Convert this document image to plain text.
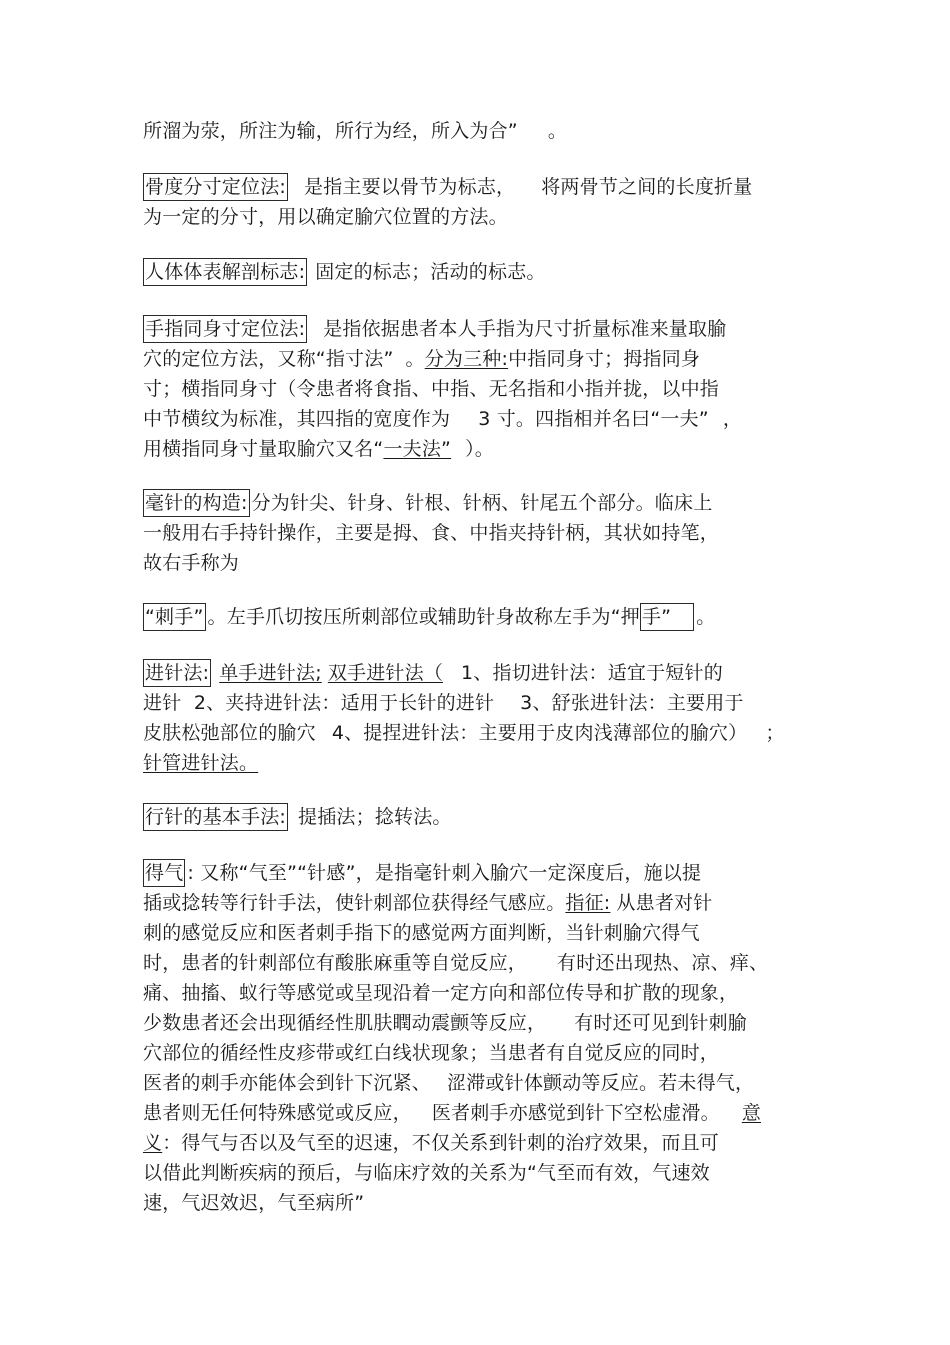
所溜为荥，所注为输，所行为经，所入为合” 。
骨度分寸定位法: 是指主要以骨节为标志， 将两骨节之间的长度折量
为一定的分寸，用以确定腧穴位置的方法。
人体体表解剖标志: 固定的标志；活动的标志。
手指同身寸定位法: 是指依据患者本人手指为尺寸折量标准来量取腧
穴的定位方法，又称“指寸法” 。分为三种:中指同身寸；拇指同身
寸；横指同身寸（令患者将食指、中指、无名指和小指并拢，以中指
中节横纹为标准，其四指的宽度作为 3 寸。四指相并名曰“一夫” ，
用横指同身寸量取腧穴又名“一夫法” ）。
毫针的构造: 分为针尖、针身、针根、针柄、针尾五个部分。临床上
一般用右手持针操作，主要是拇、食、中指夹持针柄，其状如持笔，
故右手称为
“刺手” 。左手爪切按压所刺部位或辅助针身故称左手为“押 手” 。
进针法: 单手进针法; 双手进针法（ 1、指切进针法：适宜于短针的
进针  2、夹持进针法：适用于长针的进针 3、舒张进针法：主要用于
皮肤松弛部位的腧穴 4、提捏进针法：主要用于皮肉浅薄部位的腧穴） ；
针管进针法。
行针的基本手法: 提插法；捻转法。
得气 : 又称“气至”“针感”，是指毫针刺入腧穴一定深度后，施以提
插或捻转等行针手法，使针刺部位获得经气感应。指征: 从患者对针
刺的感觉反应和医者刺手指下的感觉两方面判断，当针刺腧穴得气
时，患者的针刺部位有酸胀麻重等自觉反应， 有时还出现热、凉、痒、
痛、抽搐、蚁行等感觉或呈现沿着一定方向和部位传导和扩散的现象，
少数患者还会出现循经性肌肤瞤动震颤等反应， 有时还可见到针刺腧
穴部位的循经性皮疹带或红白线状现象；当患者有自觉反应的同时，
医者的刺手亦能体会到针下沉紧、 涩滞或针体颤动等反应。若未得气，
患者则无任何特殊感觉或反应， 医者刺手亦感觉到针下空松虚滑。 意
义：得气与否以及气至的迟速，不仅关系到针刺的治疗效果，而且可
以借此判断疾病的预后，与临床疗效的关系为“气至而有效，气速效
速，气迟效迟，气至病所”
